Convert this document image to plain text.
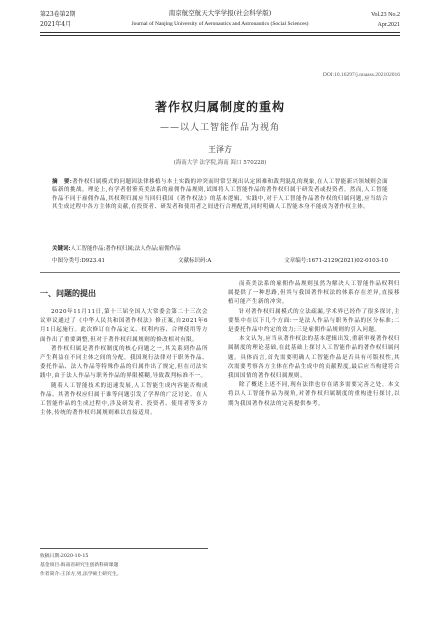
第23卷第2期
2021年4月
南京航空航天大学学报(社会科学版)
Journal of Nanjing University of Aeronautics and Astronautics (Social Sciences)
Vol.23 No.2
Apr.2021
DOI:10.16297/j.nuaass.202102016
著作权归属制度的重构
——以人工智能作品为视角
王泽方
(海南大学 法学院,海南 海口 570228)
摘　要:著作权归属模式的问题因法律移植与本土实践的冲突而时常呈现出认定困难和裁判混乱的现象,在人工智能新兴领域则会面临新的挑战。理论上,有学者借鉴英美法系的雇佣作品规则,试图将人工智能作品的著作权归属于研发者或投资者。然而,人工智能作品不同于雇佣作品,其权利归属应当回归我国《著作权法》的基本逻辑。实践中,对于人工智能作品著作权的归属问题,应当结合其生成过程中各方主体的贡献,在投资者、研发者和使用者之间进行合理配置,同时明确人工智能本身不能成为著作权主体。
关键词:人工智能作品;著作权归属;法人作品;雇佣作品
中图分类号:D923.41	文献标识码:A	文章编号:1671-2129(2021)02-0103-10
一、问题的提出

2020年11月11日,第十三届全国人大常委会第二十三次会议审议通过了《中华人民共和国著作权法》修正案,自2021年6月1日起施行。此次修订在作品定义、权利内容、合理使用等方面作出了重要调整,但对于著作权归属规则的修改相对有限。

著作权归属是著作权制度的核心问题之一,其关系到作品所产生利益在不同主体之间的分配。我国现行法律对于职务作品、委托作品、法人作品等特殊作品的归属作出了规定,但在司法实践中,由于法人作品与职务作品的界限模糊,导致裁判标准不一。

随着人工智能技术的迅速发展,人工智能生成内容能否构成作品、其著作权应归属于谁等问题引发了学界的广泛讨论。在人工智能作品的生成过程中,涉及研发者、投资者、使用者等多方主体,传统的著作权归属规则难以直接适用。

而英美法系的雇佣作品规则虽然为解决人工智能作品权利归属提供了一种思路,但其与我国著作权法的体系存在差异,直接移植可能产生新的冲突。

针对著作权归属模式的立法疏漏,学术界已经作了很多探讨,主要集中在以下几个方面:一是法人作品与职务作品的区分标准;二是委托作品中约定的效力;三是雇佣作品规则的引入问题。

本文认为,应当从著作权法的基本逻辑出发,重新审视著作权归属制度的理论基础,在此基础上探讨人工智能作品的著作权归属问题。具体而言,首先需要明确人工智能作品是否具有可版权性,其次需要考察各方主体在作品生成中的贡献程度,最后应当构建符合我国国情的著作权归属规则。

除了概述上述不同,现有法律也存在诸多需要完善之处。本文将以人工智能作品为视角,对著作权归属制度的重构进行探讨,以期为我国著作权法的完善提供参考。

收稿日期:2020-10-15
基金项目:海南省研究生创新科研课题
作者简介:王泽方,男,法学硕士研究生。
